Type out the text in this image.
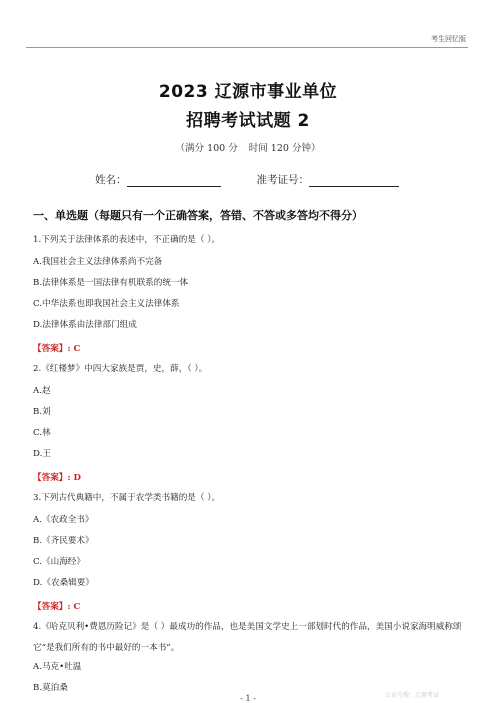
考生回忆版
2023 辽源市事业单位
招聘考试试题 2
（满分 100 分 时间 120 分钟）
姓名：	准考证号：
一、单选题（每题只有一个正确答案，答错、不答或多答均不得分）
1.下列关于法律体系的表述中，不正确的是（ ）。
A.我国社会主义法律体系尚不完备
B.法律体系是一国法律有机联系的统一体
C.中华法系也即我国社会主义法律体系
D.法律体系由法律部门组成
【答案】: C
2.《红楼梦》中四大家族是贾，史，薛，（ ）。
A.赵
B.刘
C.林
D.王
【答案】: D
3.下列古代典籍中，不属于农学类书籍的是（ ）。
A.《农政全书》
B.《齐民要术》
C.《山海经》
D.《农桑辑要》
【答案】: C
4.《哈克贝利•费恩历险记》是（ ）最成功的作品，也是美国文学史上一部划时代的作品，美国小说家海明威称颂它“是我们所有的书中最好的一本书”。
A.马克•吐温
B.莫泊桑
- 1 -	公众号搜：辽源考试
